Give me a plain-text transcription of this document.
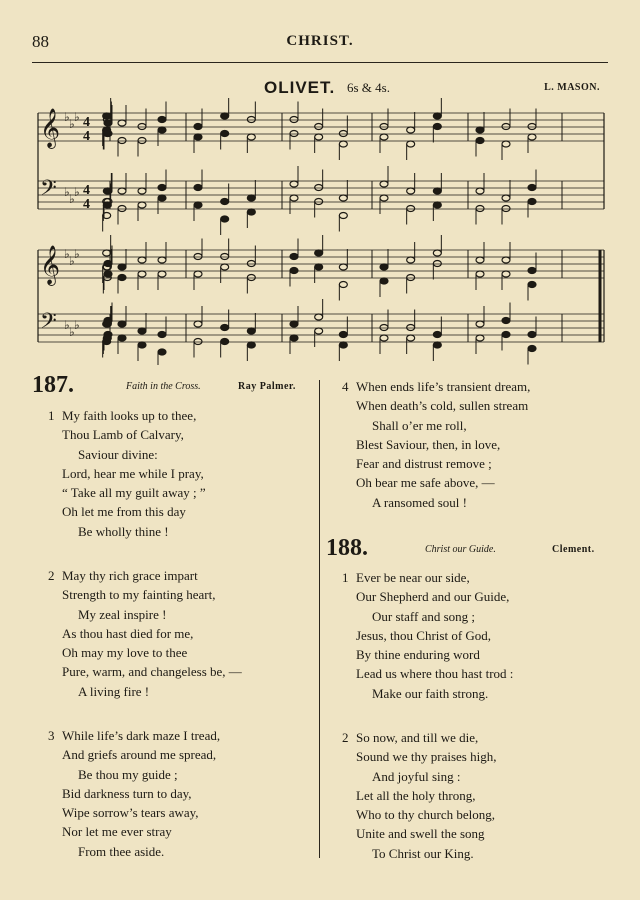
88	CHRIST.
OLIVET. 6s & 4s.	L. MASON.
𝄞 ♭ ♭ ♭ 4
4
𝄢 ♭ ♭ ♭ 4
4
𝄞 ♭ ♭ ♭
𝄢 ♭ ♭ ♭
187.	Faith in the Cross.	Ray Palmer.
1 My faith looks up to thee,
Thou Lamb of Calvary,
Saviour divine:
Lord, hear me while I pray,
“ Take all my guilt away ; ”
Oh let me from this day
Be wholly thine !
2 May thy rich grace impart
Strength to my fainting heart,
My zeal inspire !
As thou hast died for me,
Oh may my love to thee
Pure, warm, and changeless be, —
A living fire !
3 While life’s dark maze I tread,
And griefs around me spread,
Be thou my guide ;
Bid darkness turn to day,
Wipe sorrow’s tears away,
Nor let me ever stray
From thee aside.
4 When ends life’s transient dream,
When death’s cold, sullen stream
Shall o’er me roll,
Blest Saviour, then, in love,
Fear and distrust remove ;
Oh bear me safe above, —
A ransomed soul !
188.	Christ our Guide.	Clement.
1 Ever be near our side,
Our Shepherd and our Guide,
Our staff and song ;
Jesus, thou Christ of God,
By thine enduring word
Lead us where thou hast trod :
Make our faith strong.
2 So now, and till we die,
Sound we thy praises high,
And joyful sing :
Let all the holy throng,
Who to thy church belong,
Unite and swell the song
To Christ our King.
